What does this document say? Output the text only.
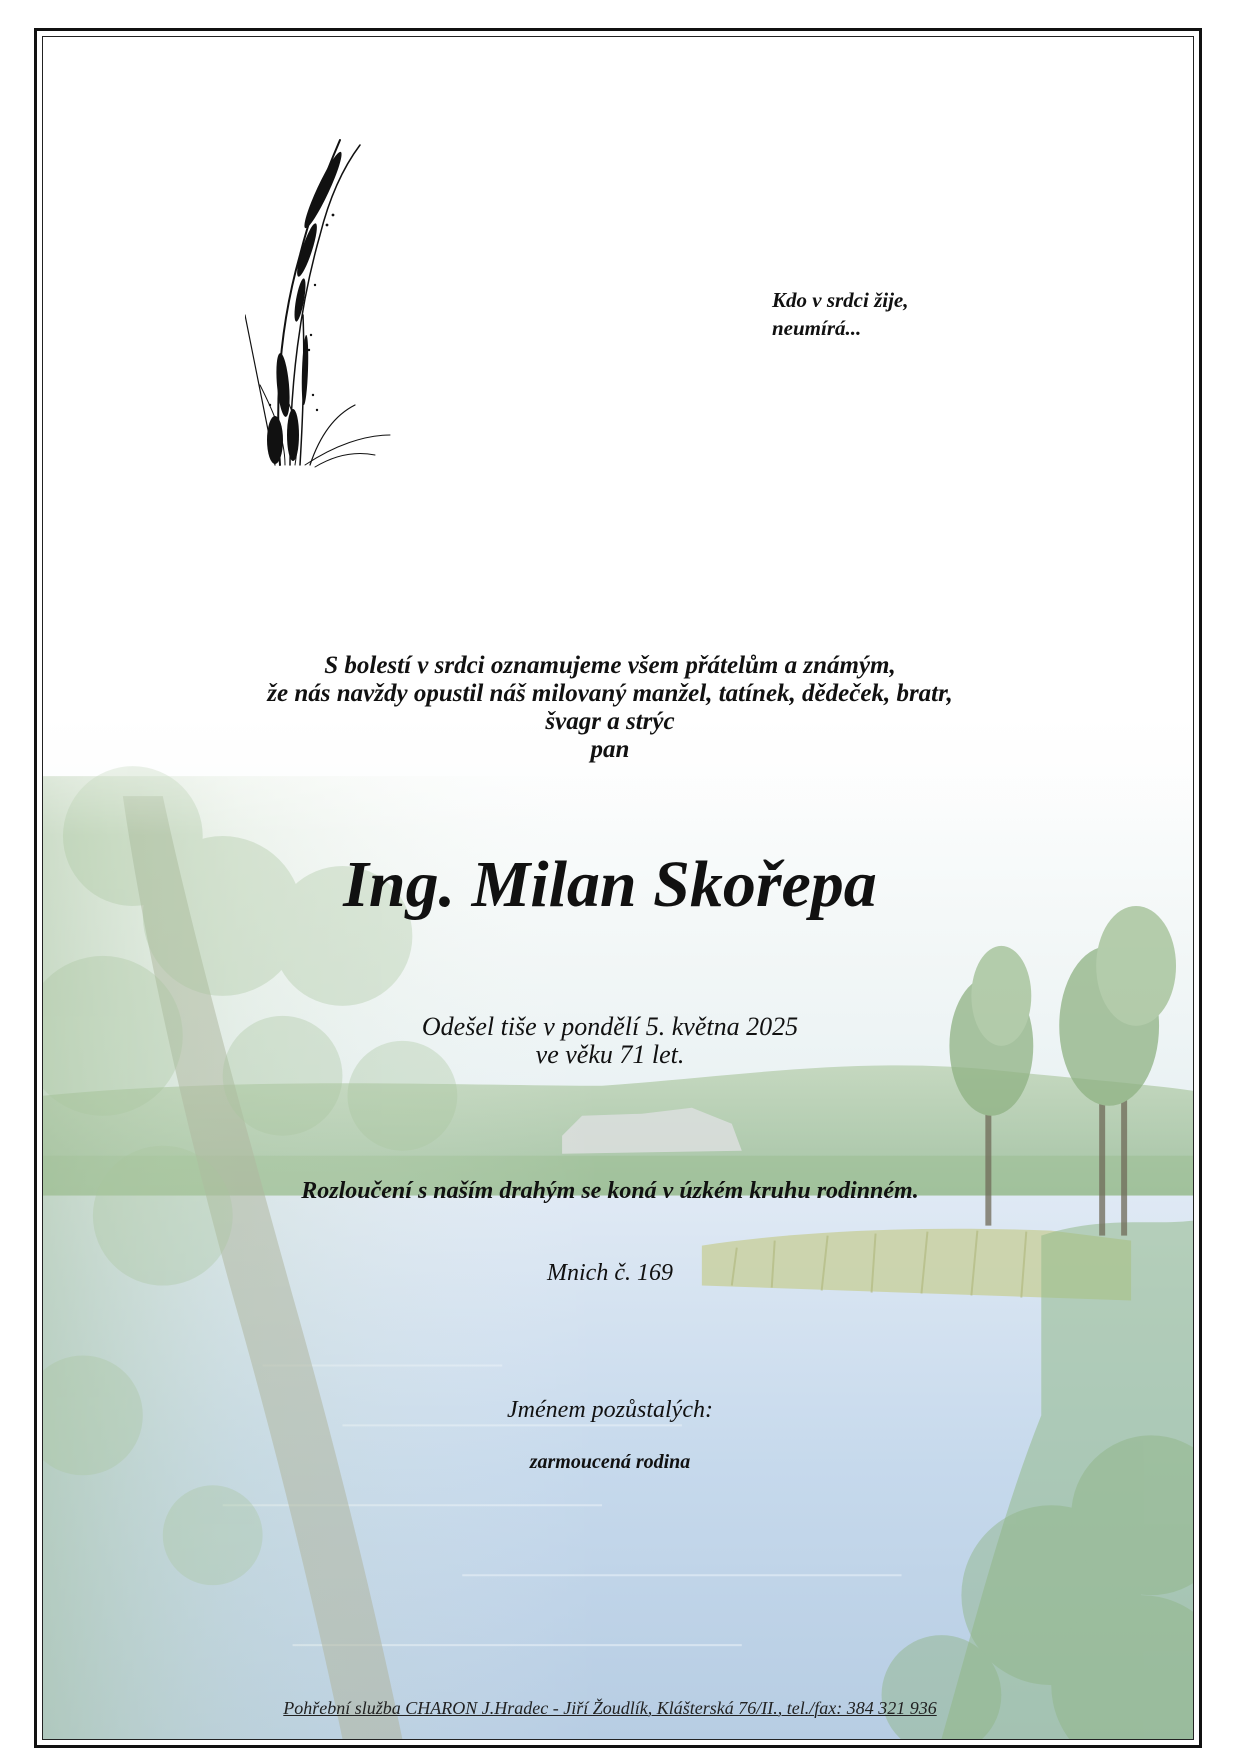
Kdo v srdci žije,
neumírá...
S bolestí v srdci oznamujeme všem přátelům a známým,
že nás navždy opustil náš milovaný manžel, tatínek, dědeček, bratr,
švagr a strýc
pan
Ing. Milan Skořepa
Odešel tiše v pondělí 5. května 2025
ve věku 71 let.
Rozloučení s naším drahým se koná v úzkém kruhu rodinném.
Mnich č. 169
Jménem pozůstalých:
zarmoucená rodina
Pohřební služba CHARON J.Hradec - Jiří Žoudlík, Klášterská 76/II., tel./fax: 384 321 936
